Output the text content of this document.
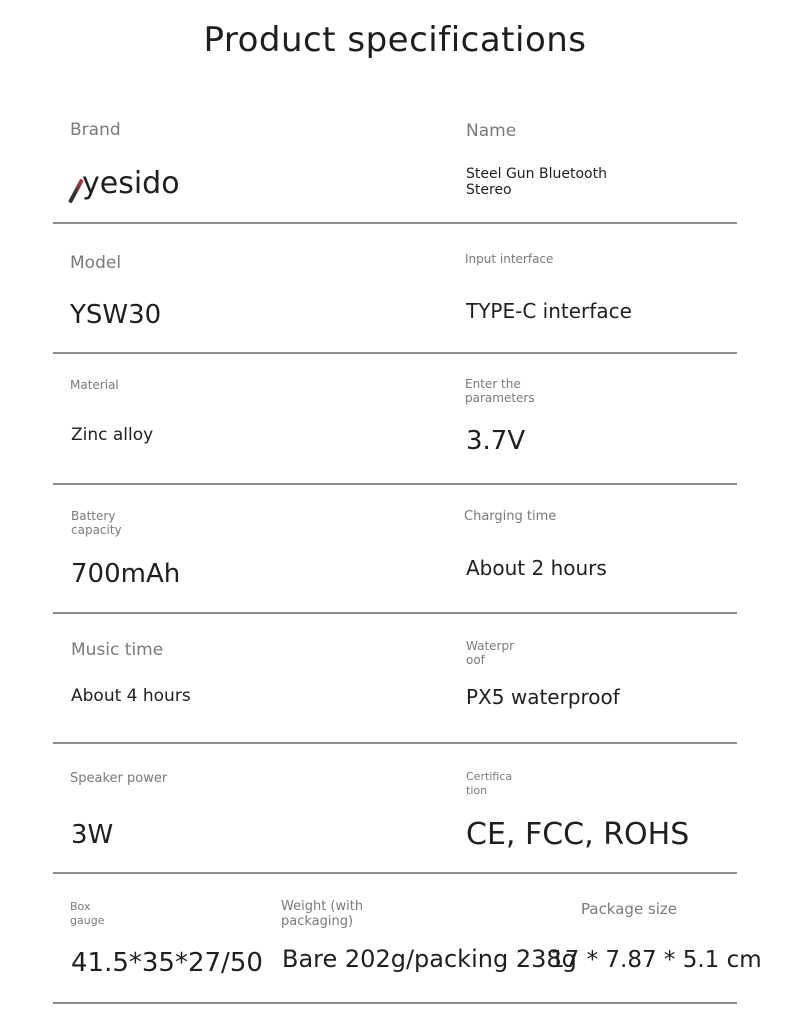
Product specifications
Brand
yesido
Name
Steel Gun Bluetooth Stereo
Model
YSW30
Input interface
TYPE-C interface
Material
Zinc alloy
Enter the parameters
3.7V
Battery capacity
700mAh
Charging time
About 2 hours
Music time
About 4 hours
Waterproof
PX5 waterproof
Speaker power
3W
Certification
CE, FCC, ROHS
Box gauge
41.5*35*27/50
Weight (with packaging)
Bare 202g/packing 238g
Package size
17 * 7.87 * 5.1 cm
